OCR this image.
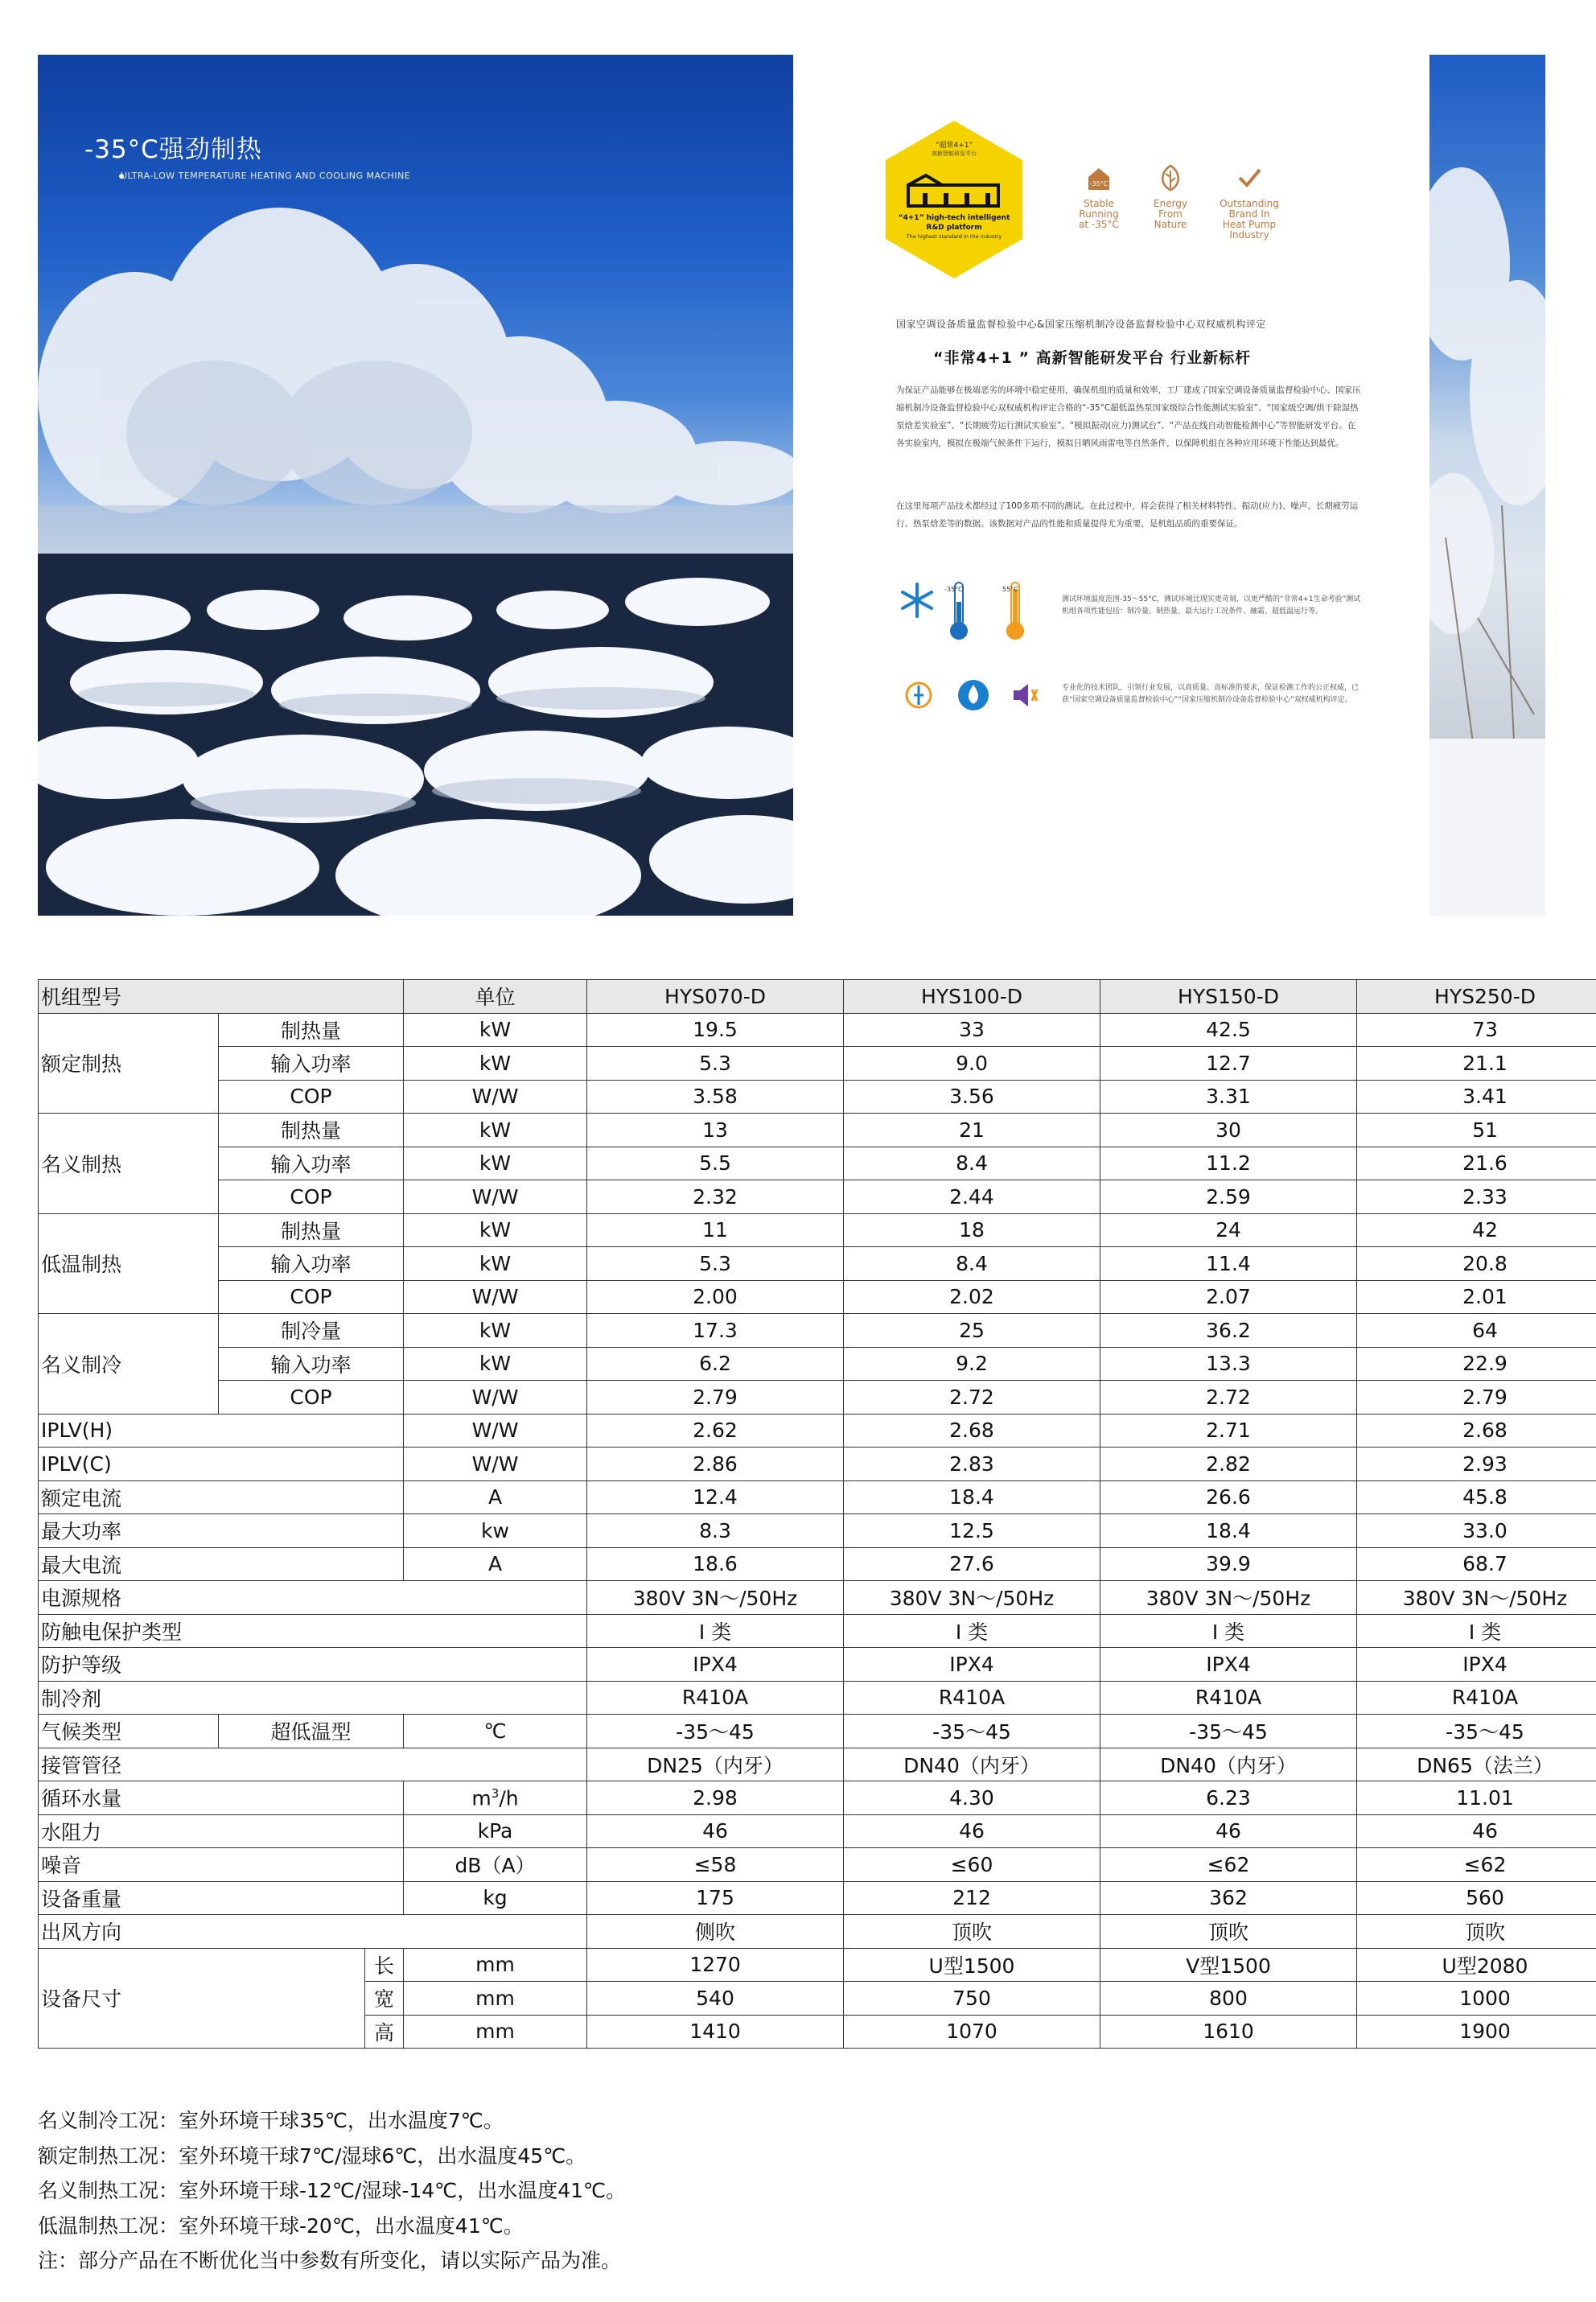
-35°C强劲制热
ULTRA-LOW TEMPERATURE HEATING AND COOLING MACHINE
“超常4+1”
高新智能研发平台
“4+1” high-tech intelligent
R&D platform
The highest standard in the industry
-35°C
Stable
Running
at -35°C
Energy
From
Nature
Outstanding
Brand In
Heat Pump
Industry
国家空调设备质量监督检验中心&国家压缩机制冷设备监督检验中心双权威机构评定
“非常4+1 ” 高新智能研发平台 行业新标杆
为保证产品能够在极端恶劣的环境中稳定使用，确保机组的质量和效率，工厂建成了国家空调设备质量监督检验中心、国家压缩机制冷设备监督检验中心双权威机构评定合格的“-35°C超低温热泵国家级综合性能测试实验室”、“国家级空调/烘干除湿热泵焓差实验室”、“长期疲劳运行测试实验室”、“模拟振动(应力)测试台”、“产品在线自动智能检测中心”等智能研发平台。在各实验室内，模拟在极端气候条件下运行，模拟日晒风雨雷电等自然条件，以保障机组在各种应用环境下性能达到最优。
在这里每项产品技术都经过了100多项不同的测试。在此过程中，将会获得了相关材料特性、振动(应力)、噪声、长期疲劳运行、热泵焓差等的数据。该数据对产品的性能和质量提得尤为重要，是机组品质的重要保证。
-35°C	55°C
测试环境温度范围-35～55°C，测试环境比现实更苛刻，以更严酷的“非常4+1生命考验”测试机组各项性能包括：制冷量、制热量、最大运行工况条件、融霜、超低温运行等。
专业化的技术团队，引领行业发展，以高质量、高标准的要求，保证检测工作的公正权威，已获“国家空调设备质量监督检验中心”“国家压缩机制冷设备监督检验中心”双权威机构评定。
机组型号			单位	HYS070-D	HYS100-D	HYS150-D	HYS250-D
额定制热	制热量		kW	19.5	33	42.5	73
	输入功率		kW	5.3	9.0	12.7	21.1
	COP		W/W	3.58	3.56	3.31	3.41
名义制热	制热量		kW	13	21	30	51
	输入功率		kW	5.5	8.4	11.2	21.6
	COP		W/W	2.32	2.44	2.59	2.33
低温制热	制热量		kW	11	18	24	42
	输入功率		kW	5.3	8.4	11.4	20.8
	COP		W/W	2.00	2.02	2.07	2.01
名义制冷	制冷量		kW	17.3	25	36.2	64
	输入功率		kW	6.2	9.2	13.3	22.9
	COP		W/W	2.79	2.72	2.72	2.79
IPLV(H)			W/W	2.62	2.68	2.71	2.68
IPLV(C)			W/W	2.86	2.83	2.82	2.93
额定电流			A	12.4	18.4	26.6	45.8
最大功率			kw	8.3	12.5	18.4	33.0
最大电流			A	18.6	27.6	39.9	68.7
电源规格				380V 3N～/50Hz	380V 3N～/50Hz	380V 3N～/50Hz	380V 3N～/50Hz
防触电保护类型				I 类	I 类	I 类	I 类
防护等级				IPX4	IPX4	IPX4	IPX4
制冷剂				R410A	R410A	R410A	R410A
气候类型	超低温型		℃	-35～45	-35～45	-35～45	-35～45
接管管径				DN25（内牙）	DN40（内牙）	DN40（内牙）	DN65（法兰）
循环水量			$m^3/h$	2.98	4.30	6.23	11.01
水阻力			kPa	46	46	46	46
噪音			dB（A）	≤58	≤60	≤62	≤62
设备重量			kg	175	212	362	560
出风方向				侧吹	顶吹	顶吹	顶吹
设备尺寸		长	mm	1270	U型1500	V型1500	U型2080
		宽	mm	540	750	800	1000
		高	mm	1410	1070	1610	1900
名义制冷工况：室外环境干球35℃，出水温度7℃。
额定制热工况：室外环境干球7℃/湿球6℃，出水温度45℃。
名义制热工况：室外环境干球-12℃/湿球-14℃，出水温度41℃。
低温制热工况：室外环境干球-20℃，出水温度41℃。
注：部分产品在不断优化当中参数有所变化，请以实际产品为准。
